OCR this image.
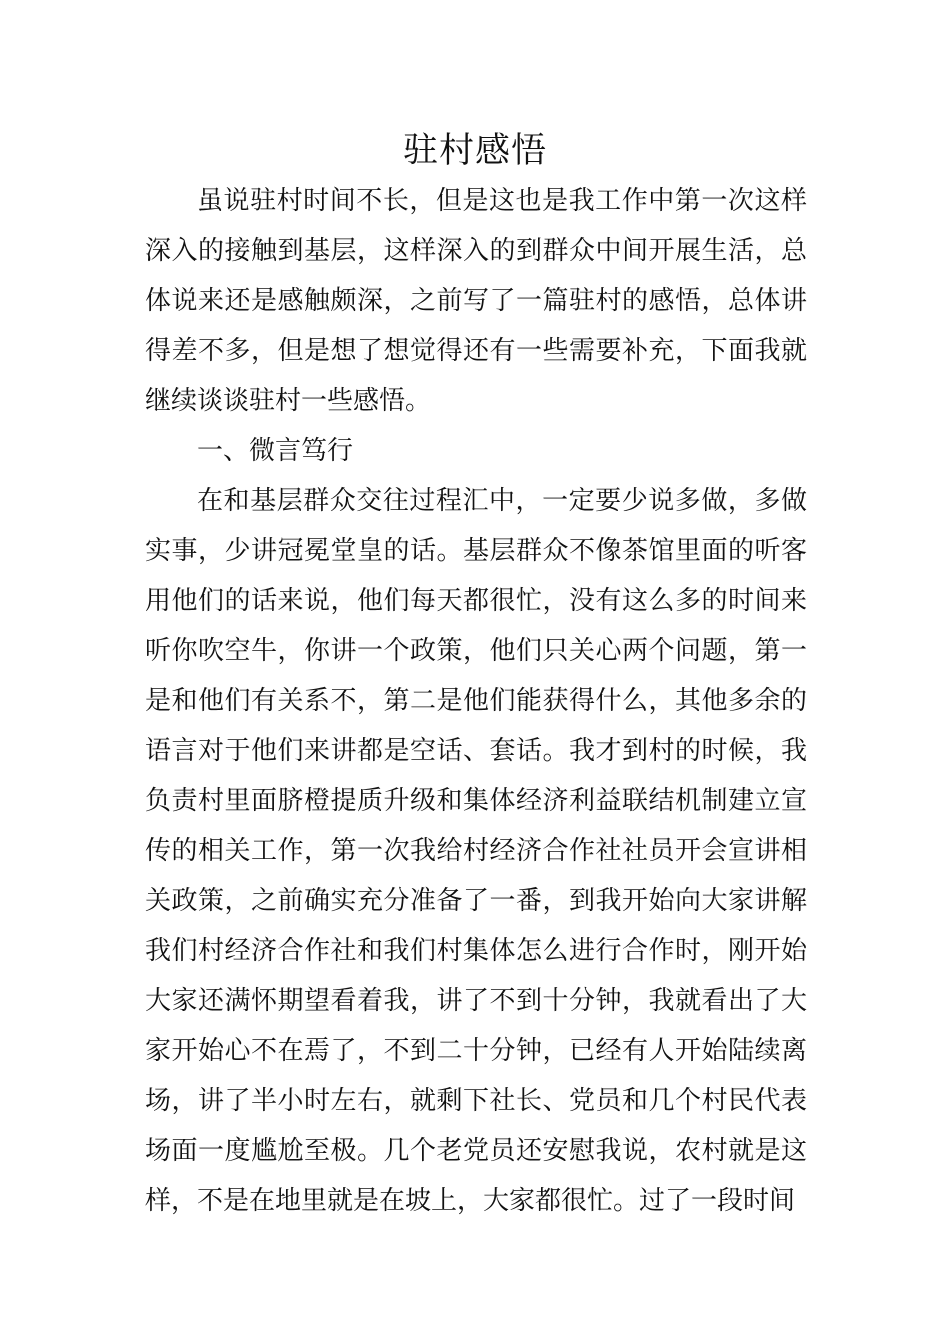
驻村感悟

虽说驻村时间不长，但是这也是我工作中第一次这样深入的接触到基层，这样深入的到群众中间开展生活，总体说来还是感触颇深，之前写了一篇驻村的感悟，总体讲得差不多，但是想了想觉得还有一些需要补充，下面我就继续谈谈驻村一些感悟。

一、微言笃行

在和基层群众交往过程汇中，一定要少说多做，多做实事，少讲冠冕堂皇的话。基层群众不像茶馆里面的听客用他们的话来说，他们每天都很忙，没有这么多的时间来听你吹空牛，你讲一个政策，他们只关心两个问题，第一是和他们有关系不，第二是他们能获得什么，其他多余的语言对于他们来讲都是空话、套话。我才到村的时候，我负责村里面脐橙提质升级和集体经济利益联结机制建立宣传的相关工作，第一次我给村经济合作社社员开会宣讲相关政策，之前确实充分准备了一番，到我开始向大家讲解我们村经济合作社和我们村集体怎么进行合作时，刚开始大家还满怀期望看着我，讲了不到十分钟，我就看出了大家开始心不在焉了，不到二十分钟，已经有人开始陆续离场，讲了半小时左右，就剩下社长、党员和几个村民代表场面一度尴尬至极。几个老党员还安慰我说，农村就是这样，不是在地里就是在坡上，大家都很忙。过了一段时间
